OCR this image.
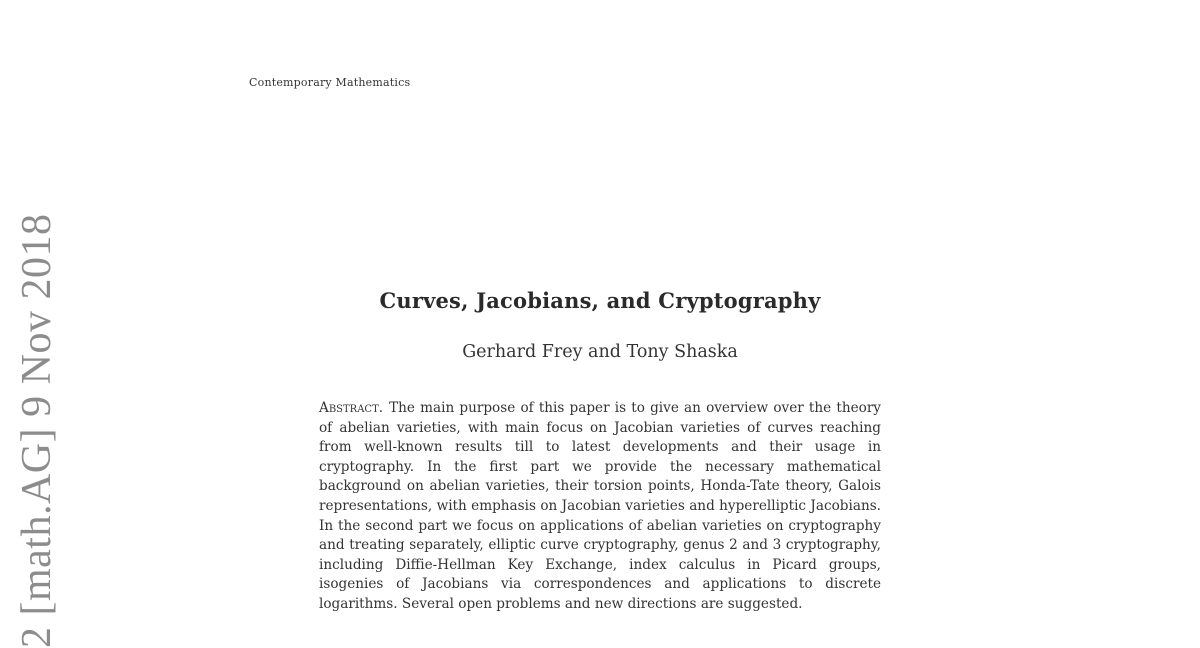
Contemporary Mathematics
2 [math.AG] 9 Nov 2018	Curves, Jacobians, and Cryptography
Gerhard Frey and Tony Shaska
Abstract. The main purpose of this paper is to give an overview over the theory of abelian varieties, with main focus on Jacobian varieties of curves reaching from well-known results till to latest developments and their usage in cryptography. In the first part we provide the necessary mathematical background on abelian varieties, their torsion points, Honda-Tate theory, Galois representations, with emphasis on Jacobian varieties and hyperelliptic Jacobians. In the second part we focus on applications of abelian varieties on cryptography and treating separately, elliptic curve cryptography, genus 2 and 3 cryptography, including Diffie-Hellman Key Exchange, index calculus in Picard groups, isogenies of Jacobians via correspondences and applications to discrete logarithms. Several open problems and new directions are suggested.
